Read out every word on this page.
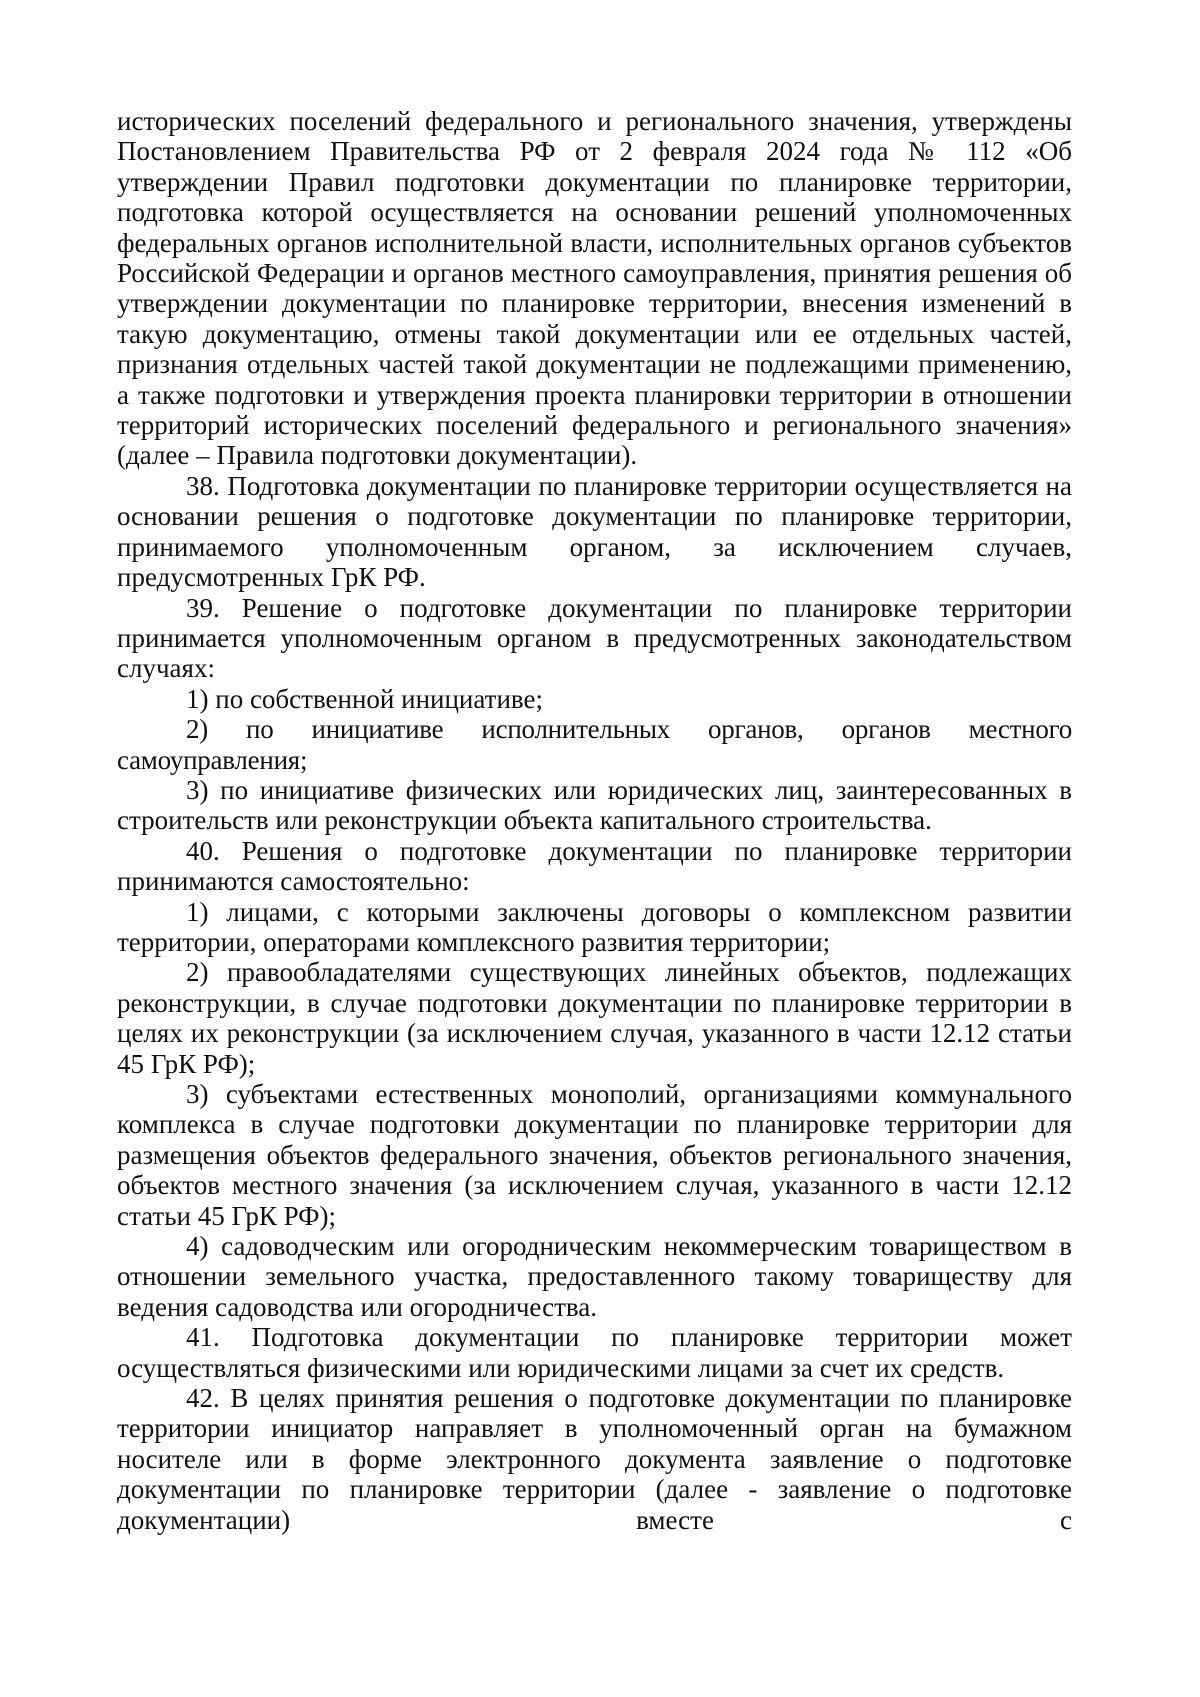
исторических поселений федерального и регионального значения, утверждены Постановлением Правительства РФ от 2 февраля 2024 года № 112 «Об утверждении Правил подготовки документации по планировке территории, подготовка которой осуществляется на основании решений уполномоченных федеральных органов исполнительной власти, исполнительных органов субъектов Российской Федерации и органов местного самоуправления, принятия решения об утверждении документации по планировке территории, внесения изменений в такую документацию, отмены такой документации или ее отдельных частей, признания отдельных частей такой документации не подлежащими применению, а также подготовки и утверждения проекта планировки территории в отношении территорий исторических поселений федерального и регионального значения» (далее – Правила подготовки документации).

38. Подготовка документации по планировке территории осуществляется на основании решения о подготовке документации по планировке территории, принимаемого уполномоченным органом, за исключением случаев, предусмотренных ГрК РФ.

39. Решение о подготовке документации по планировке территории принимается уполномоченным органом в предусмотренных законодательством случаях:

1) по собственной инициативе;

2) по инициативе исполнительных органов, органов местного самоуправления;

3) по инициативе физических или юридических лиц, заинтересованных в строительств или реконструкции объекта капитального строительства.

40. Решения о подготовке документации по планировке территории принимаются самостоятельно:

1) лицами, с которыми заключены договоры о комплексном развитии территории, операторами комплексного развития территории;

2) правообладателями существующих линейных объектов, подлежащих реконструкции, в случае подготовки документации по планировке территории в целях их реконструкции (за исключением случая, указанного в части 12.12 статьи 45 ГрК РФ);

3) субъектами естественных монополий, организациями коммунального комплекса в случае подготовки документации по планировке территории для размещения объектов федерального значения, объектов регионального значения, объектов местного значения (за исключением случая, указанного в части 12.12 статьи 45 ГрК РФ);

4) садоводческим или огородническим некоммерческим товариществом в отношении земельного участка, предоставленного такому товариществу для ведения садоводства или огородничества.

41. Подготовка документации по планировке территории может осуществляться физическими или юридическими лицами за счет их средств.

42. В целях принятия решения о подготовке документации по планировке территории инициатор направляет в уполномоченный орган на бумажном носителе или в форме электронного документа заявление о подготовке документации по планировке территории (далее - заявление о подготовке документации) вместе с
